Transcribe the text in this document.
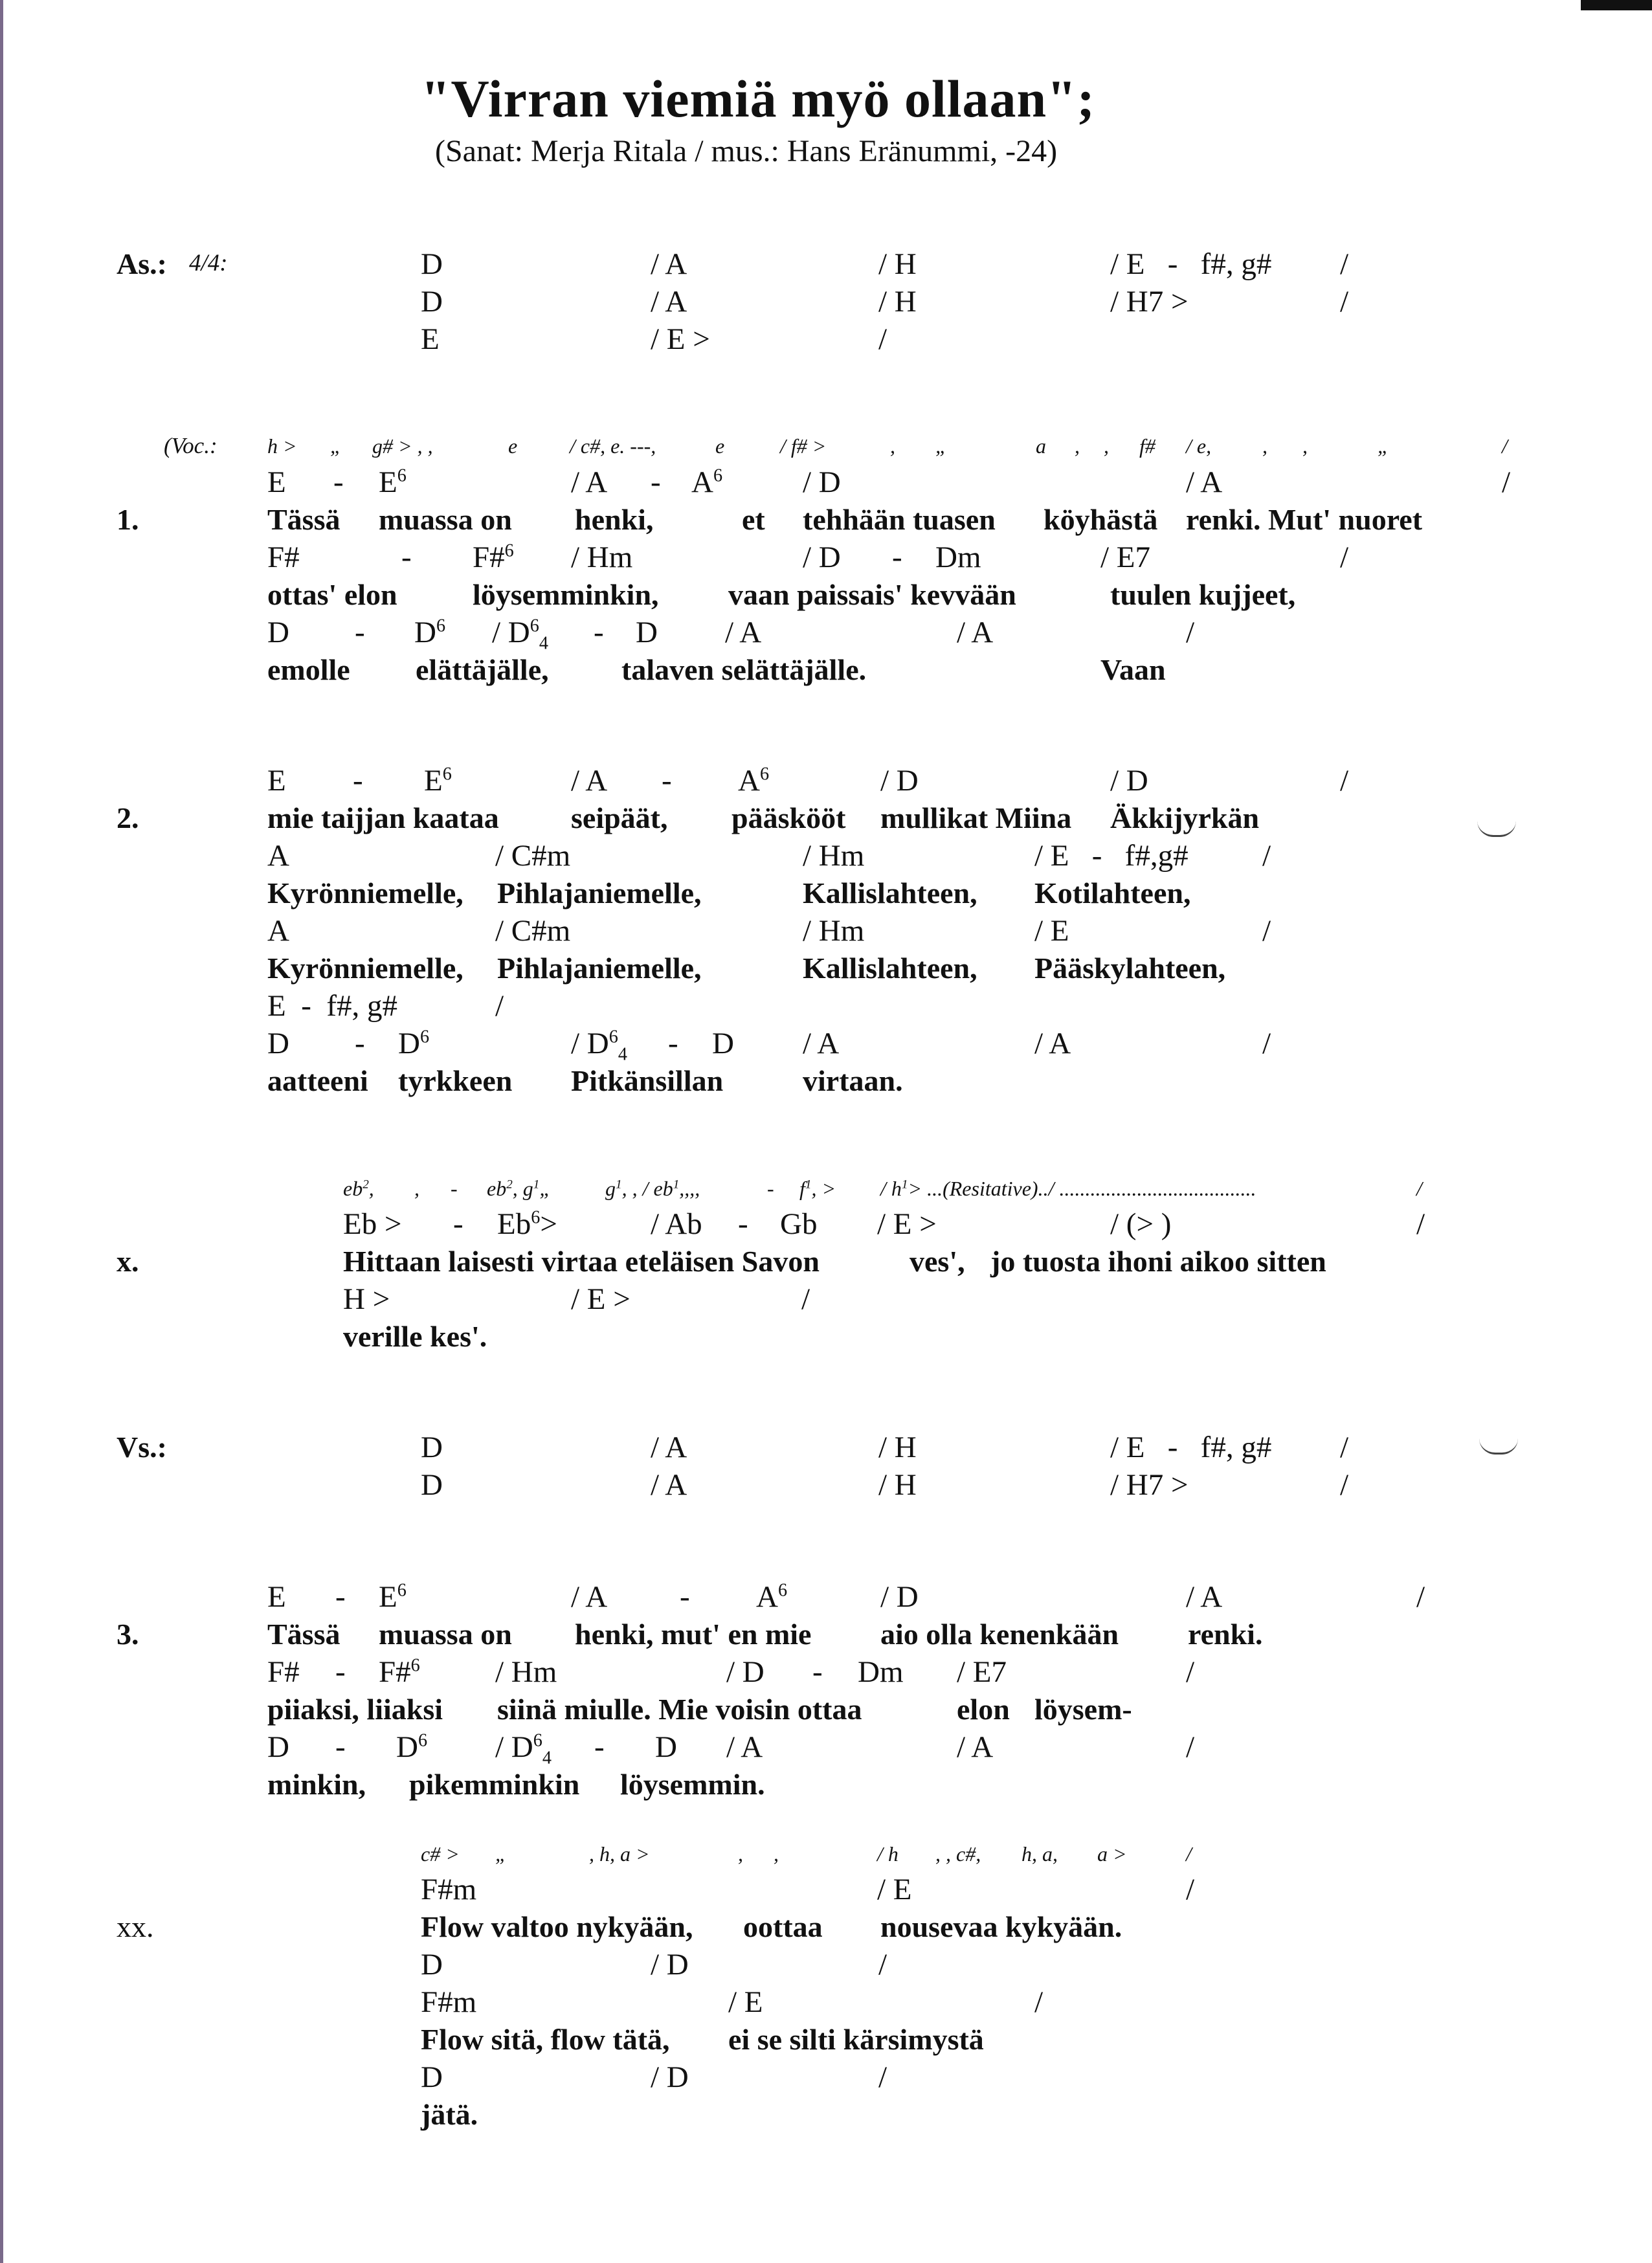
"Virran viemiä myö ollaan";
(Sanat: Merja Ritala / mus.: Hans Eränummi, -24)
As.: 4/4:	D	/ A	/ H	/ E   -   f#, g# /
D	/ A	/ H	/ H7 >	/
E	/ E >	/
(Voc.: h > „ g# > , ,	e	/ c#, e. ---,	e	/ f# >	, „	a , , f# / e, , ,	„	/
E - $E^6$	/ A - $A^6$	/ D	/ A	/
1.	Tässä muassa on henki,	et tehhään tuasen köyhästä renki. Mut' nuoret
F#	- F#$^6$ / Hm	/ D - Dm	/ E7	/
ottas' elon	löysemminkin, vaan paissais' kevvään	tuulen kujjeet,
D - $D^6 / D^6_4$ - D / A	/ A	/
emolle elättäjälle, talaven selättäjälle.	Vaan
E - $E^6$	/ A - $A^6$	/ D	/ D	/
2.	mie taijjan kaataa seipäät, pääskööt mullikat Miina Äkkijyrkän
A	/ C#m	/ Hm	/ E   -   f#,g# /
Kyrönniemelle, Pihlajaniemelle,	Kallislahteen, Kotilahteen,
A	/ C#m	/ Hm	/ E	/
Kyrönniemelle, Pihlajaniemelle,	Kallislahteen, Pääskylahteen,
E  -  f#, g#	/
D - $D^6$	/ $D^6_4$ - D / A	/ A	/
aatteeni tyrkkeen Pitkänsillan	virtaan.
$eb^2$, , - $eb^2$, $g^1„$	$g^1$, , / $eb^1$,,,,	- $f^1$, > / $h^1>$ ...(Resitative)../ ......................................	/
Eb > - $Eb^6>$	/ Ab - Gb / E >	/ (> )	/
x.	Hittaan laisesti virtaa eteläisen Savon	ves', jo tuosta ihoni aikoo sitten
H >	/ E >	/
verille kes'.
Vs.:	D	/ A	/ H	/ E   -   f#, g# /
D	/ A	/ H	/ H7 >	/
E - $E^6$	/ A - $A^6$	/ D	/ A	/
3.	Tässä muassa on henki, mut' en mie aio olla kenenkään renki.
F# - F#$^6$ / Hm	/ D - Dm / E7	/
piiaksi, liiaksi siinä miulle. Mie voisin ottaa	elon löysem-
D - $D^6 / D^6_4$ - D / A	/ A	/
minkin, pikemminkin löysemmin.
c# > „	, h, a >	, ,	/ h , , c#, h, a, a >	/
F#m	/ E	/
xx.	Flow valtoo nykyään, oottaa nousevaa kykyään.
D	/ D	/
F#m	/ E	/
Flow sitä, flow tätä, ei se silti kärsimystä
D	/ D	/
jätä.
